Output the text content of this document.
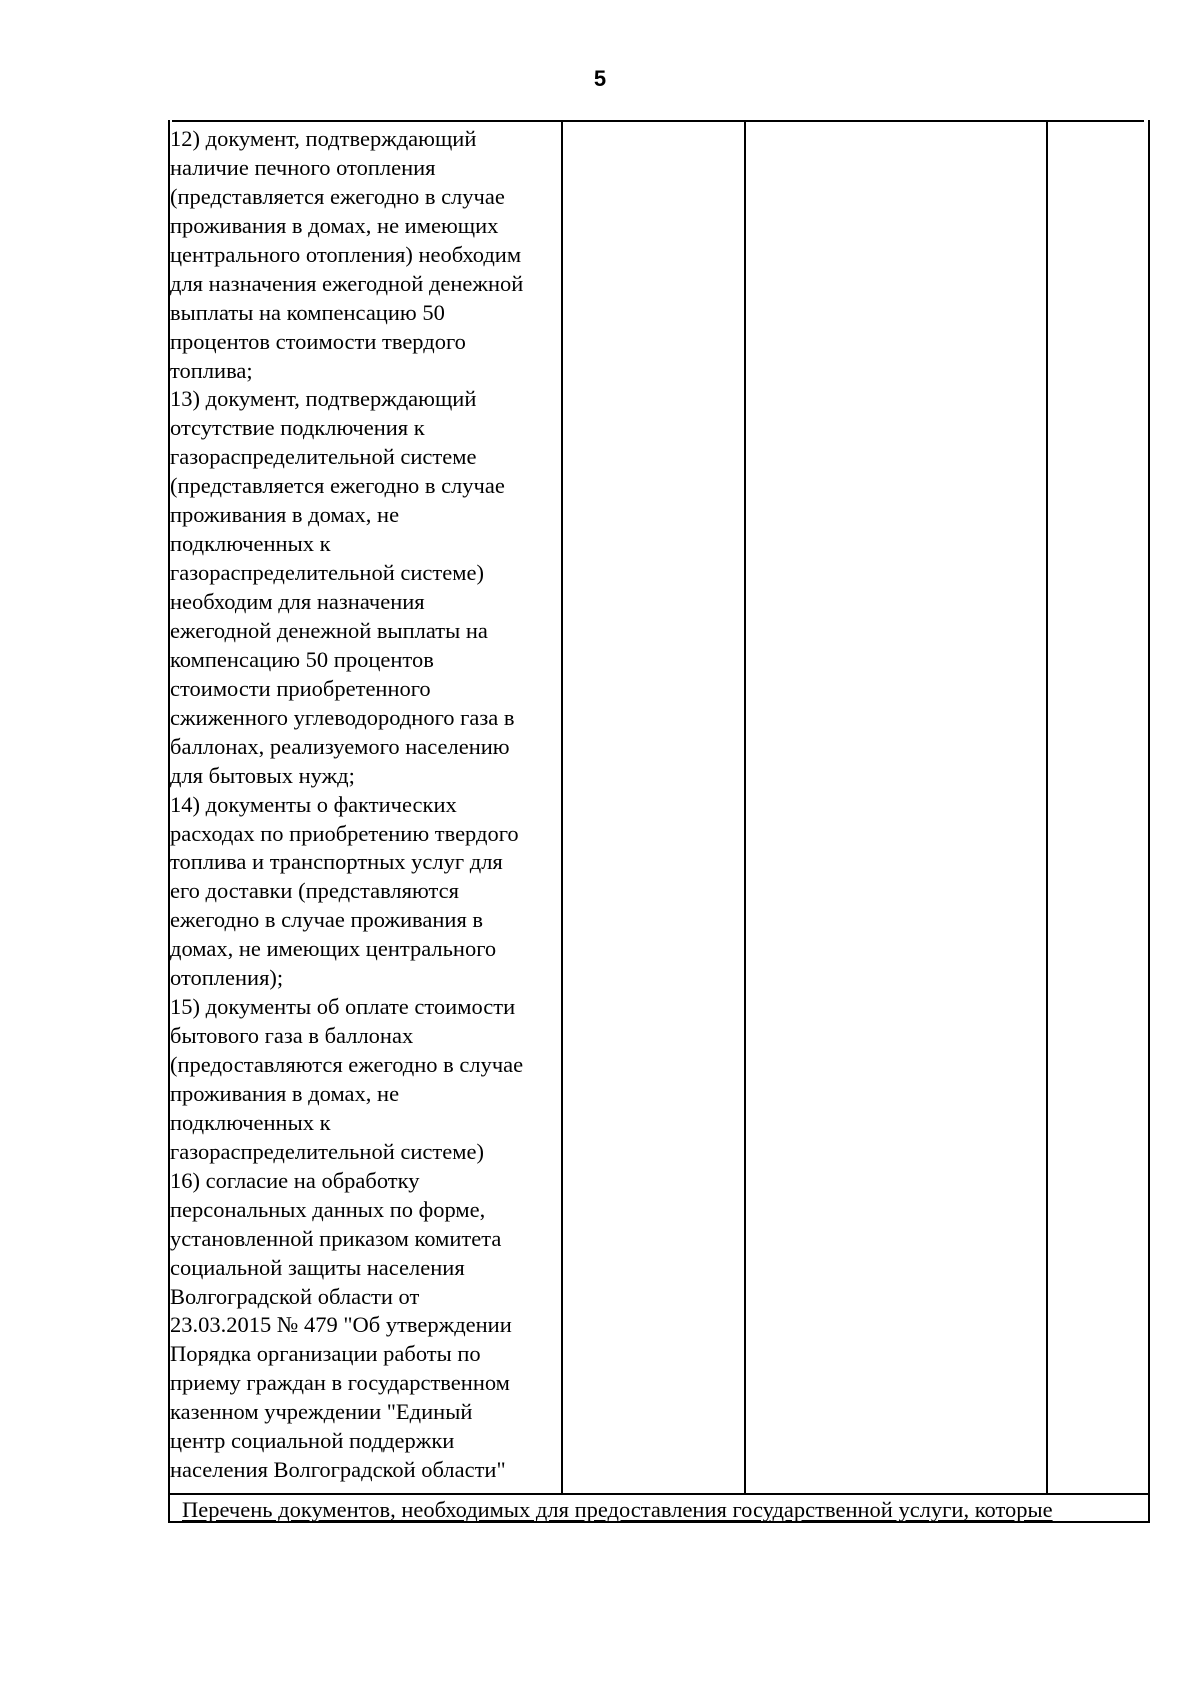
5
12) документ, подтверждающий
наличие печного отопления
(представляется ежегодно в случае
проживания в домах, не имеющих
центрального отопления) необходим
для назначения ежегодной денежной
выплаты на компенсацию 50
процентов стоимости твердого
топлива;
13) документ, подтверждающий
отсутствие подключения к
газораспределительной системе
(представляется ежегодно в случае
проживания в домах, не
подключенных к
газораспределительной системе)
необходим для назначения
ежегодной денежной выплаты на
компенсацию 50 процентов
стоимости приобретенного
сжиженного углеводородного газа в
баллонах, реализуемого населению
для бытовых нужд;
14) документы о фактических
расходах по приобретению твердого
топлива и транспортных услуг для
его доставки (представляются
ежегодно в случае проживания в
домах, не имеющих центрального
отопления);
15) документы об оплате стоимости
бытового газа в баллонах
(предоставляются ежегодно в случае
проживания в домах, не
подключенных к
газораспределительной системе)
16) согласие на обработку
персональных данных по форме,
установленной приказом комитета
социальной защиты населения
Волгоградской области от
23.03.2015 № 479 "Об утверждении
Порядка организации работы по
приему граждан в государственном
казенном учреждении "Единый
центр социальной поддержки
населения Волгоградской области"
Перечень документов, необходимых для предоставления государственной услуги, которые
